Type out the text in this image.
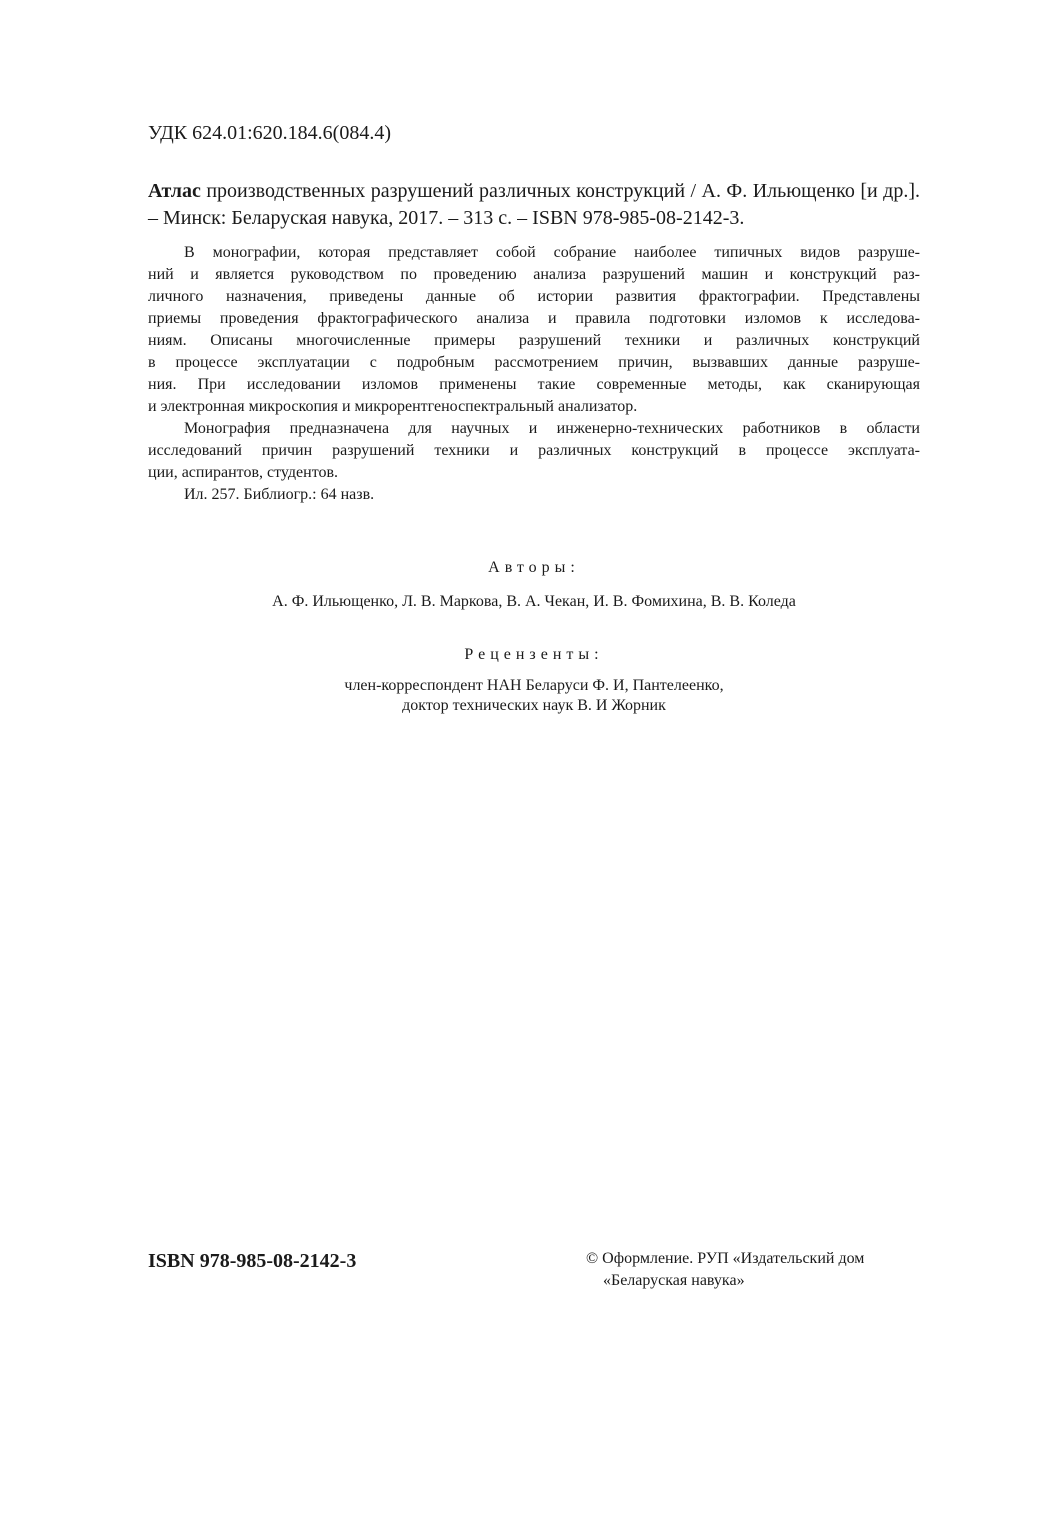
УДК 624.01:620.184.6(084.4)
Атлас производственных разрушений различных конструкций / А. Ф. Ильющенко [и др.]. – Минск: Беларуская навука, 2017. – 313 с. – ISBN 978-985-08-2142-3.
В монографии, которая представляет собой собрание наиболее типичных видов разруше-
ний и является руководством по проведению анализа разрушений машин и конструкций раз-
личного назначения, приведены данные об истории развития фрактографии. Представлены
приемы проведения фрактографического анализа и правила подготовки изломов к исследова-
ниям. Описаны многочисленные примеры разрушений техники и различных конструкций
в процессе эксплуатации с подробным рассмотрением причин, вызвавших данные разруше-
ния. При исследовании изломов применены такие современные методы, как сканирующая
и электронная микроскопия и микрорентгеноспектральный анализатор.
Монография предназначена для научных и инженерно-технических работников в области
исследований причин разрушений техники и различных конструкций в процессе эксплуата-
ции, аспирантов, студентов.
Ил. 257. Библиогр.: 64 назв.
Авторы:
А. Ф. Ильющенко, Л. В. Маркова, В. А. Чекан, И. В. Фомихина, В. В. Коледа
Рецензенты:
член-корреспондент НАН Беларуси Ф. И, Пантелеенко,
доктор технических наук В. И Жорник
ISBN 978-985-08-2142-3	© Оформление. РУП «Издательский дом
«Беларуская навука»
